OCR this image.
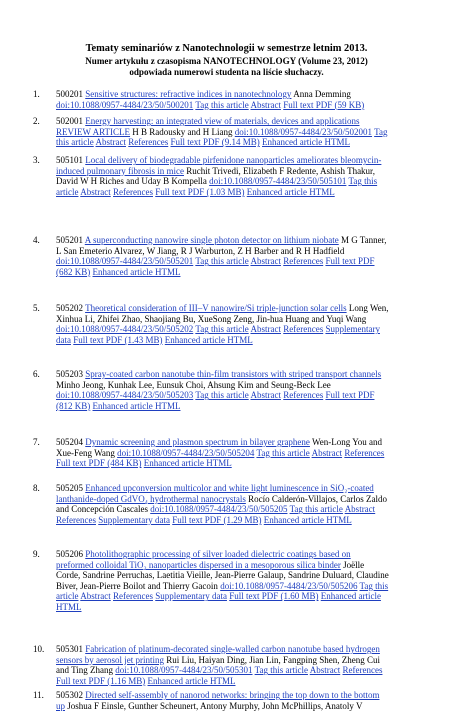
Tematy seminariów z Nanotechnologii w semestrze letnim 2013.
Numer artykułu z czasopisma NANOTECHNOLOGY (Volume 23, 2012)
odpowiada numerowi studenta na liście słuchaczy.
1. 500201 Sensitive structures: refractive indices in nanotechnology Anna Demming
doi:10.1088/0957-4484/23/50/500201 Tag this article Abstract Full text PDF (59 KB)
2. 502001 Energy harvesting: an integrated view of materials, devices and applications
REVIEW ARTICLE H B Radousky and H Liang doi:10.1088/0957-4484/23/50/502001 Tag
this article Abstract References Full text PDF (9.14 MB) Enhanced article HTML
3. 505101 Local delivery of biodegradable pirfenidone nanoparticles ameliorates bleomycin-
induced pulmonary fibrosis in mice Ruchit Trivedi, Elizabeth F Redente, Ashish Thakur,
David W H Riches and Uday B Kompella doi:10.1088/0957-4484/23/50/505101 Tag this
article Abstract References Full text PDF (1.03 MB) Enhanced article HTML
4. 505201 A superconducting nanowire single photon detector on lithium niobate M G Tanner,
L San Emeterio Alvarez, W Jiang, R J Warburton, Z H Barber and R H Hadfield
doi:10.1088/0957-4484/23/50/505201 Tag this article Abstract References Full text PDF
(682 KB) Enhanced article HTML
5. 505202 Theoretical consideration of III–V nanowire/Si triple-junction solar cells Long Wen,
Xinhua Li, Zhifei Zhao, Shaojiang Bu, XueSong Zeng, Jin-hua Huang and Yuqi Wang
doi:10.1088/0957-4484/23/50/505202 Tag this article Abstract References Supplementary
data Full text PDF (1.43 MB) Enhanced article HTML
6. 505203 Spray-coated carbon nanotube thin-film transistors with striped transport channels
Minho Jeong, Kunhak Lee, Eunsuk Choi, Ahsung Kim and Seung-Beck Lee
doi:10.1088/0957-4484/23/50/505203 Tag this article Abstract References Full text PDF
(812 KB) Enhanced article HTML
7. 505204 Dynamic screening and plasmon spectrum in bilayer graphene Wen-Long You and
Xue-Feng Wang doi:10.1088/0957-4484/23/50/505204 Tag this article Abstract References
Full text PDF (484 KB) Enhanced article HTML
8. 505205 Enhanced upconversion multicolor and white light luminescence in SiO₂-coated
lanthanide-doped GdVO₄ hydrothermal nanocrystals Rocío Calderón-Villajos, Carlos Zaldo
and Concepción Cascales doi:10.1088/0957-4484/23/50/505205 Tag this article Abstract
References Supplementary data Full text PDF (1.29 MB) Enhanced article HTML
9. 505206 Photolithographic processing of silver loaded dielectric coatings based on
preformed colloidal TiO₂ nanoparticles dispersed in a mesoporous silica binder Joëlle
Corde, Sandrine Perruchas, Laetitia Vieille, Jean-Pierre Galaup, Sandrine Duluard, Claudine
Biver, Jean-Pierre Boilot and Thierry Gacoin doi:10.1088/0957-4484/23/50/505206 Tag this
article Abstract References Supplementary data Full text PDF (1.60 MB) Enhanced article
HTML
10. 505301 Fabrication of platinum-decorated single-walled carbon nanotube based hydrogen
sensors by aerosol jet printing Rui Liu, Haiyan Ding, Jian Lin, Fangping Shen, Zheng Cui
and Ting Zhang doi:10.1088/0957-4484/23/50/505301 Tag this article Abstract References
Full text PDF (1.16 MB) Enhanced article HTML
11. 505302 Directed self-assembly of nanorod networks: bringing the top down to the bottom
up Joshua F Einsle, Gunther Scheunert, Antony Murphy, John McPhillips, Anatoly V
